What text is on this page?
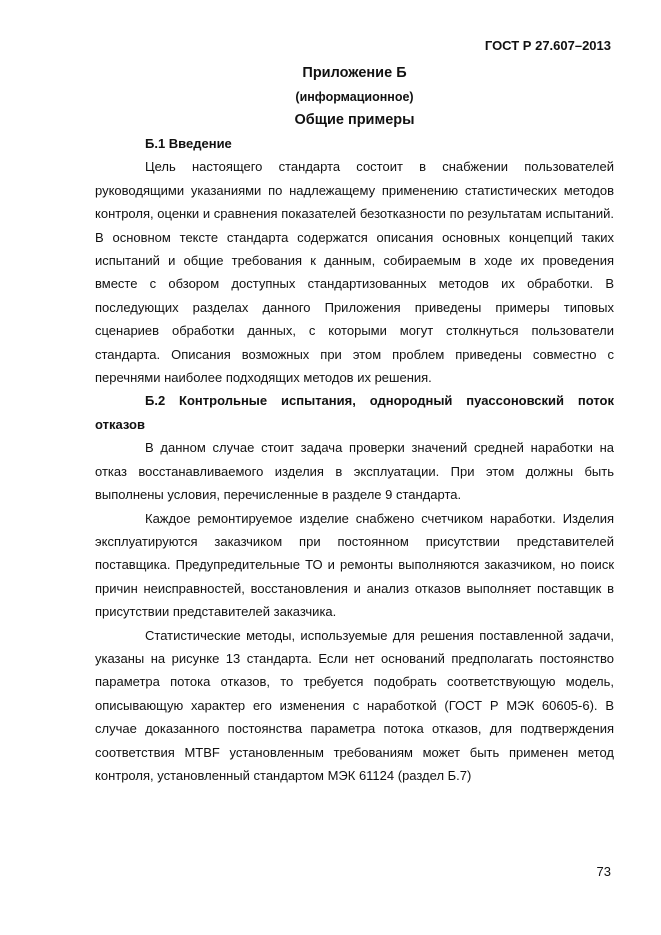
ГОСТ Р 27.607–2013
Приложение Б
(информационное)
Общие примеры
Б.1 Введение

Цель настоящего стандарта состоит в снабжении пользователей руководящими указаниями по надлежащему применению статистических методов контроля, оценки и сравнения показателей безотказности по результатам испытаний. В основном тексте стандарта содержатся описания основных концепций таких испытаний и общие требования к данным, собираемым в ходе их проведения вместе с обзором доступных стандартизованных методов их обработки. В последующих разделах данного Приложения приведены примеры типовых сценариев обработки данных, с которыми могут столкнуться пользователи стандарта. Описания возможных при этом проблем приведены совместно с перечнями наиболее подходящих методов их решения.

Б.2 Контрольные испытания, однородный пуассоновский поток отказов

В данном случае стоит задача проверки значений средней наработки на отказ восстанавливаемого изделия в эксплуатации. При этом должны быть выполнены условия, перечисленные в разделе 9 стандарта.

Каждое ремонтируемое изделие снабжено счетчиком наработки. Изделия эксплуатируются заказчиком при постоянном присутствии представителей поставщика. Предупредительные ТО и ремонты выполняются заказчиком, но поиск причин неисправностей, восстановления и анализ отказов выполняет поставщик в присутствии представителей заказчика.

Статистические методы, используемые для решения поставленной задачи, указаны на рисунке 13 стандарта. Если нет оснований предполагать постоянство параметра потока отказов, то требуется подобрать соответствующую модель, описывающую характер его изменения с наработкой (ГОСТ Р МЭК 60605-6). В случае доказанного постоянства параметра потока отказов, для подтверждения соответствия MTBF установленным требованиям может быть применен метод контроля, установленный стандартом МЭК 61124 (раздел Б.7)

73
